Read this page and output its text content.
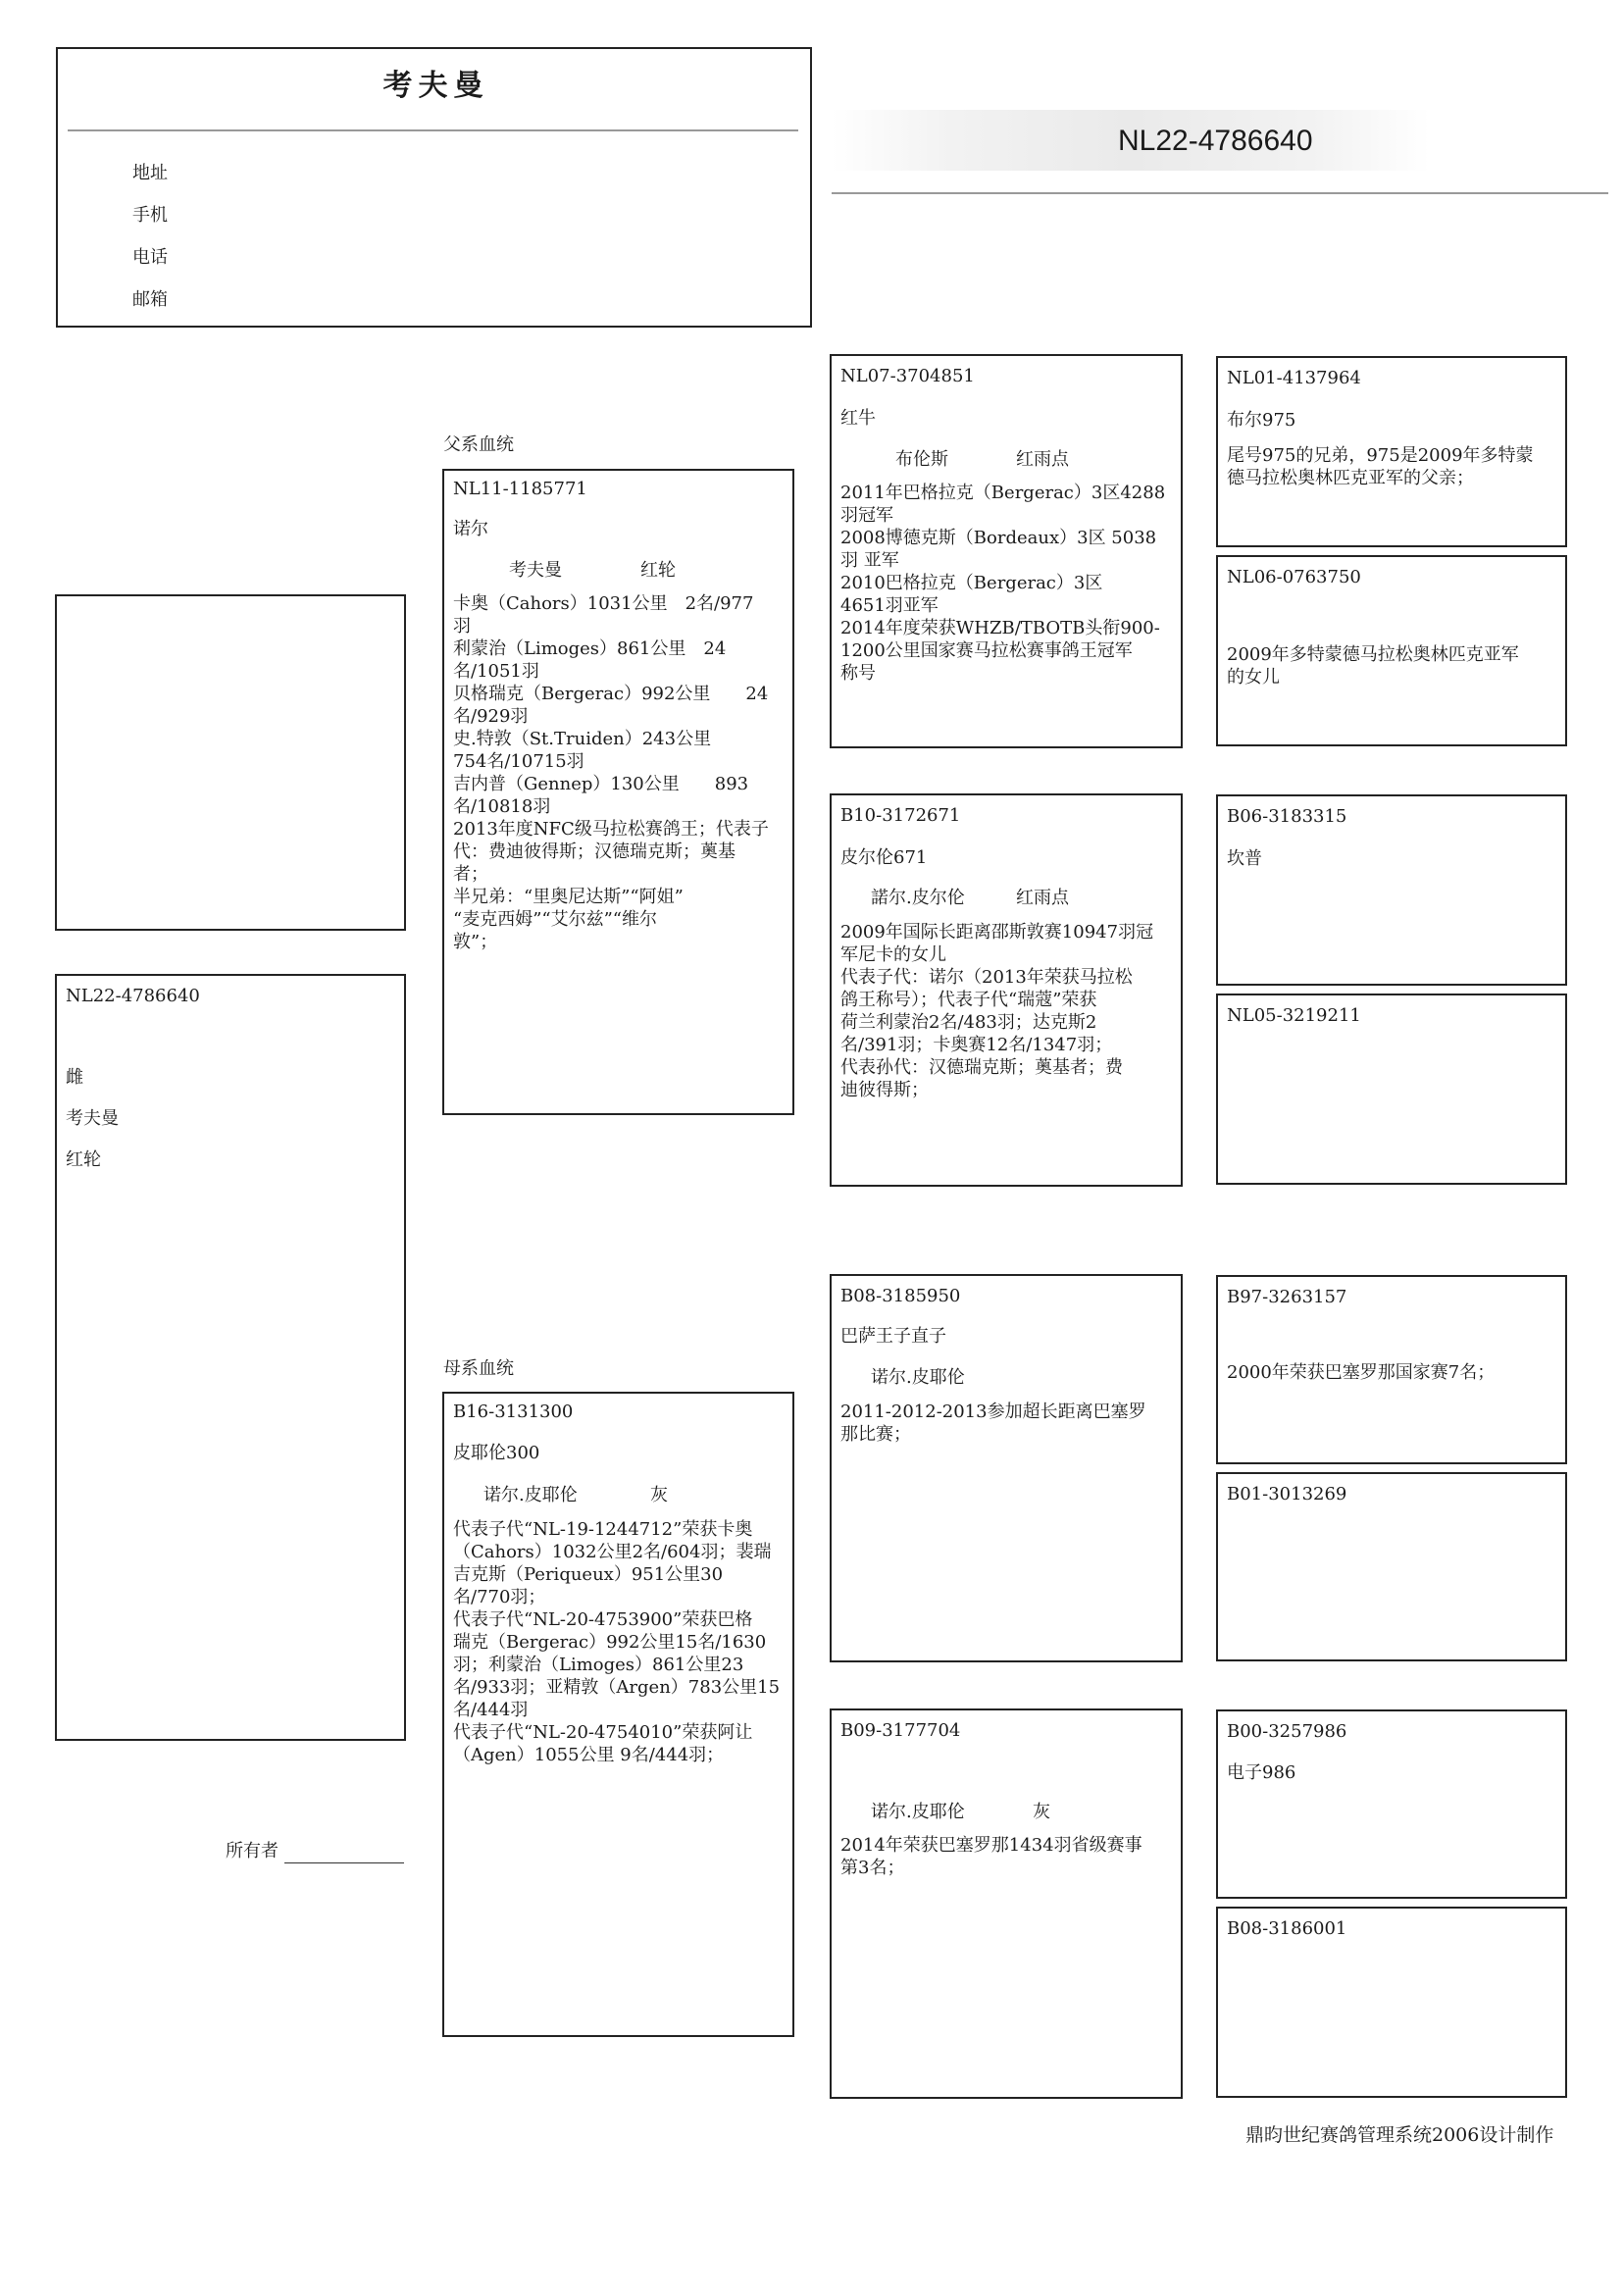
考夫曼
地址
手机
电话
邮箱
NL22-4786640
父系血统
母系血统
NL22-4786640
雌
考夫曼
红轮
所有者
NL11-1185771
诺尔
考夫曼	红轮
卡奥（Cahors）1031公里　2名/977
羽
利蒙治（Limoges）861公里　24
名/1051羽
贝格瑞克（Bergerac）992公里　　24
名/929羽
史.特敦（St.Truiden）243公里
754名/10715羽
吉内普（Gennep）130公里　　893
名/10818羽
2013年度NFC级马拉松赛鸽王；代表子
代：费迪彼得斯；汉德瑞克斯；薁基
者；
半兄弟：“里奥尼达斯”“阿姐”
“麦克西姆”“艾尔兹”“维尔
敦”；
B16-3131300
皮耶伦300
诺尔.皮耶伦	灰
代表子代“NL-19-1244712”荣获卡奥
（Cahors）1032公里2名/604羽；裴瑞
吉克斯（Periqueux）951公里30
名/770羽；
代表子代“NL-20-4753900”荣获巴格
瑞克（Bergerac）992公里15名/1630
羽；利蒙治（Limoges）861公里23
名/933羽；亚精敦（Argen）783公里15
名/444羽
代表子代“NL-20-4754010”荣获阿让
（Agen）1055公里 9名/444羽；
NL07-3704851
红牛
布伦斯	红雨点
2011年巴格拉克（Bergerac）3区4288
羽冠军
2008博德克斯（Bordeaux）3区 5038
羽 亚军
2010巴格拉克（Bergerac）3区
4651羽亚军
2014年度荣获WHZB/TBOTB头衔900-
1200公里国家赛马拉松赛事鸽王冠军
称号
B10-3172671
皮尔伦671
諾尔.皮尔伦	红雨点
2009年国际长距离邵斯敦赛10947羽冠
军尼卡的女儿
代表子代：诺尔（2013年荣获马拉松
鸽王称号）；代表子代“瑞蔻”荣获
荷兰利蒙治2名/483羽；达克斯2
名/391羽；卡奥赛12名/1347羽；
代表孙代：汉德瑞克斯；薁基者；费
迪彼得斯；
B08-3185950
巴萨王子直子
诺尔.皮耶伦
2011-2012-2013参加超长距离巴塞罗
那比赛；
B09-3177704
诺尔.皮耶伦	灰
2014年荣获巴塞罗那1434羽省级赛事
第3名；
NL01-4137964
布尔975
尾号975的兄弟，975是2009年多特蒙
德马拉松奥林匹克亚军的父亲；
NL06-0763750
2009年多特蒙德马拉松奥林匹克亚军
的女儿
B06-3183315
坎普
NL05-3219211
B97-3263157
2000年荣获巴塞罗那国家赛7名；
B01-3013269
B00-3257986
电子986
B08-3186001
鼎昀世纪赛鸽管理系统2006设计制作
